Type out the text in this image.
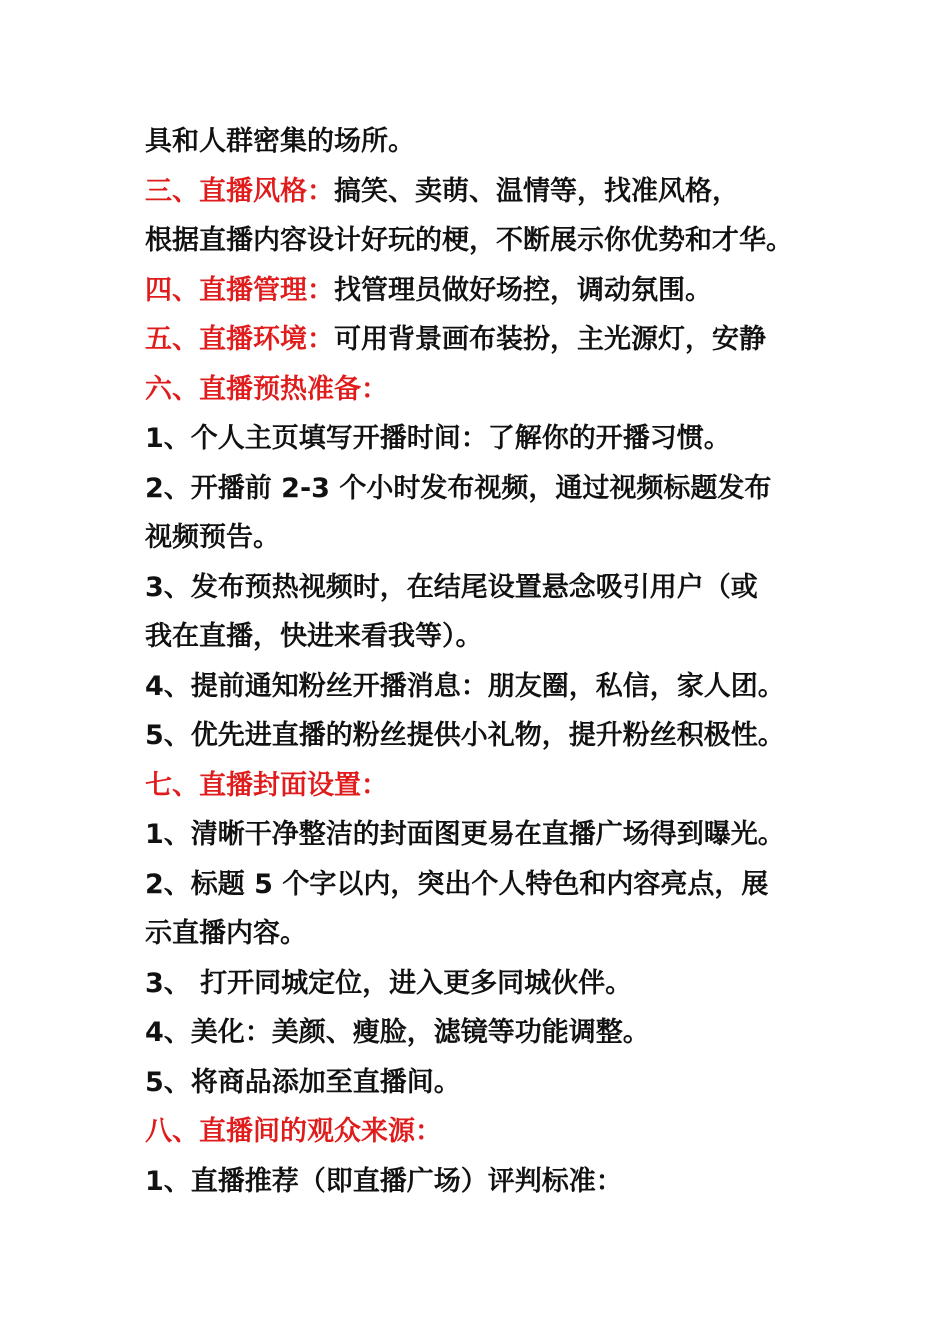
具和人群密集的场所。
三、直播风格：搞笑、卖萌、温情等，找准风格，
根据直播内容设计好玩的梗，不断展示你优势和才华。
四、直播管理：找管理员做好场控，调动氛围。
五、直播环境：可用背景画布装扮，主光源灯，安静
六、直播预热准备：
1、个人主页填写开播时间：了解你的开播习惯。
2、开播前 2-3 个小时发布视频，通过视频标题发布
视频预告。
3、发布预热视频时，在结尾设置悬念吸引用户（或
我在直播，快进来看我等）。
4、提前通知粉丝开播消息：朋友圈，私信，家人团。
5、优先进直播的粉丝提供小礼物，提升粉丝积极性。
七、直播封面设置：
1、清晰干净整洁的封面图更易在直播广场得到曝光。
2、标题 5 个字以内，突出个人特色和内容亮点，展
示直播内容。
3、 打开同城定位，进入更多同城伙伴。
4、美化：美颜、瘦脸，滤镜等功能调整。
5、将商品添加至直播间。
八、直播间的观众来源：
1、直播推荐（即直播广场）评判标准：
